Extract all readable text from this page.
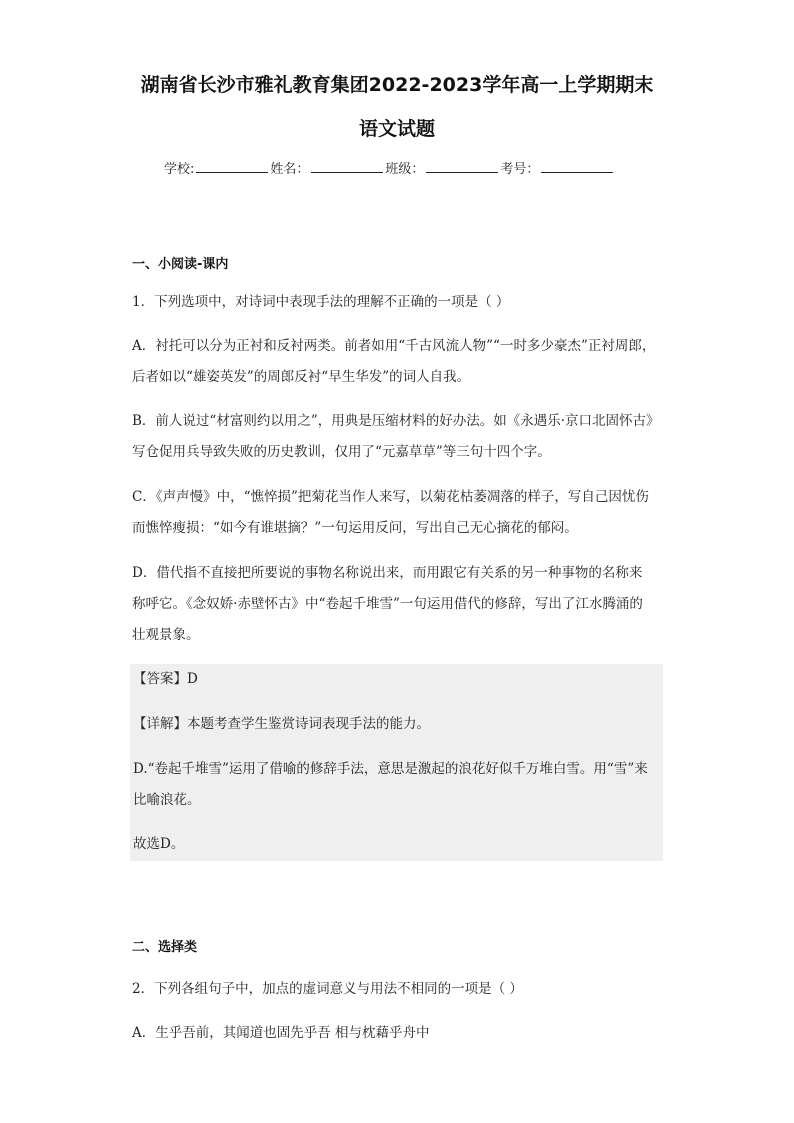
湖南省长沙市雅礼教育集团2022-2023学年高一上学期期末
语文试题
学校:	姓名：	班级：	考号：
一、小阅读-课内
1．下列选项中，对诗词中表现手法的理解不正确的一项是（ ）
A．衬托可以分为正衬和反衬两类。前者如用“千古风流人物”“一时多少豪杰”正衬周郎，
后者如以“雄姿英发”的周郎反衬“早生华发”的词人自我。
B．前人说过“材富则约以用之”，用典是压缩材料的好办法。如《永遇乐·京口北固怀古》
写仓促用兵导致失败的历史教训，仅用了“元嘉草草”等三句十四个字。
C．《声声慢》中，“憔悴损”把菊花当作人来写，以菊花枯萎凋落的样子，写自己因忧伤
而憔悴瘦损：“如今有谁堪摘？”一句运用反问，写出自己无心摘花的郁闷。
D．借代指不直接把所要说的事物名称说出来，而用跟它有关系的另一种事物的名称来
称呼它。《念奴娇·赤壁怀古》中“卷起千堆雪”一句运用借代的修辞，写出了江水腾涌的
壮观景象。
【答案】D
【详解】本题考查学生鉴赏诗词表现手法的能力。
D.“卷起千堆雪”运用了借喻的修辞手法，意思是激起的浪花好似千万堆白雪。用“雪”来
比喻浪花。
故选D。
二、选择类
2．下列各组句子中，加点的虚词意义与用法不相同的一项是（ ）
A．生乎吾前，其闻道也固先乎吾 相与枕藉乎舟中
